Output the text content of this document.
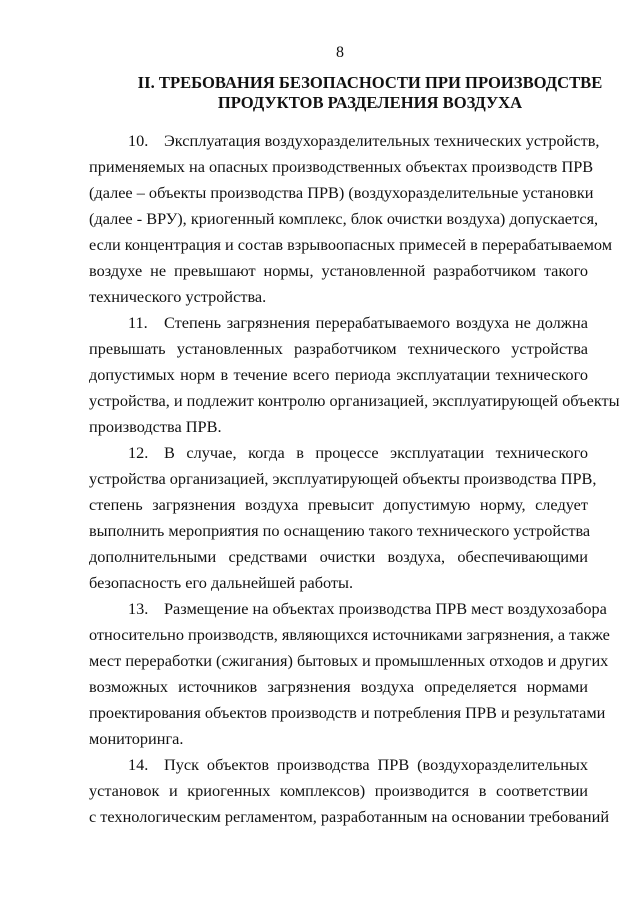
8
II. ТРЕБОВАНИЯ БЕЗОПАСНОСТИ ПРИ ПРОИЗВОДСТВЕ
ПРОДУКТОВ РАЗДЕЛЕНИЯ ВОЗДУХА
10. Эксплуатация воздухоразделительных технических устройств,
применяемых на опасных производственных объектах производств ПРВ
(далее – объекты производства ПРВ) (воздухоразделительные установки
(далее - ВРУ), криогенный комплекс, блок очистки воздуха) допускается,
если концентрация и состав взрывоопасных примесей в перерабатываемом
воздухе не превышают нормы, установленной разработчиком такого
технического устройства.
11. Степень загрязнения перерабатываемого воздуха не должна
превышать установленных разработчиком технического устройства
допустимых норм в течение всего периода эксплуатации технического
устройства, и подлежит контролю организацией, эксплуатирующей объекты
производства ПРВ.
12. В случае, когда в процессе эксплуатации технического
устройства организацией, эксплуатирующей объекты производства ПРВ,
степень загрязнения воздуха превысит допустимую норму, следует
выполнить мероприятия по оснащению такого технического устройства
дополнительными средствами очистки воздуха, обеспечивающими
безопасность его дальнейшей работы.
13. Размещение на объектах производства ПРВ мест воздухозабора
относительно производств, являющихся источниками загрязнения, а также
мест переработки (сжигания) бытовых и промышленных отходов и других
возможных источников загрязнения воздуха определяется нормами
проектирования объектов производств и потребления ПРВ и результатами
мониторинга.
14. Пуск объектов производства ПРВ (воздухоразделительных
установок и криогенных комплексов) производится в соответствии
с технологическим регламентом, разработанным на основании требований
